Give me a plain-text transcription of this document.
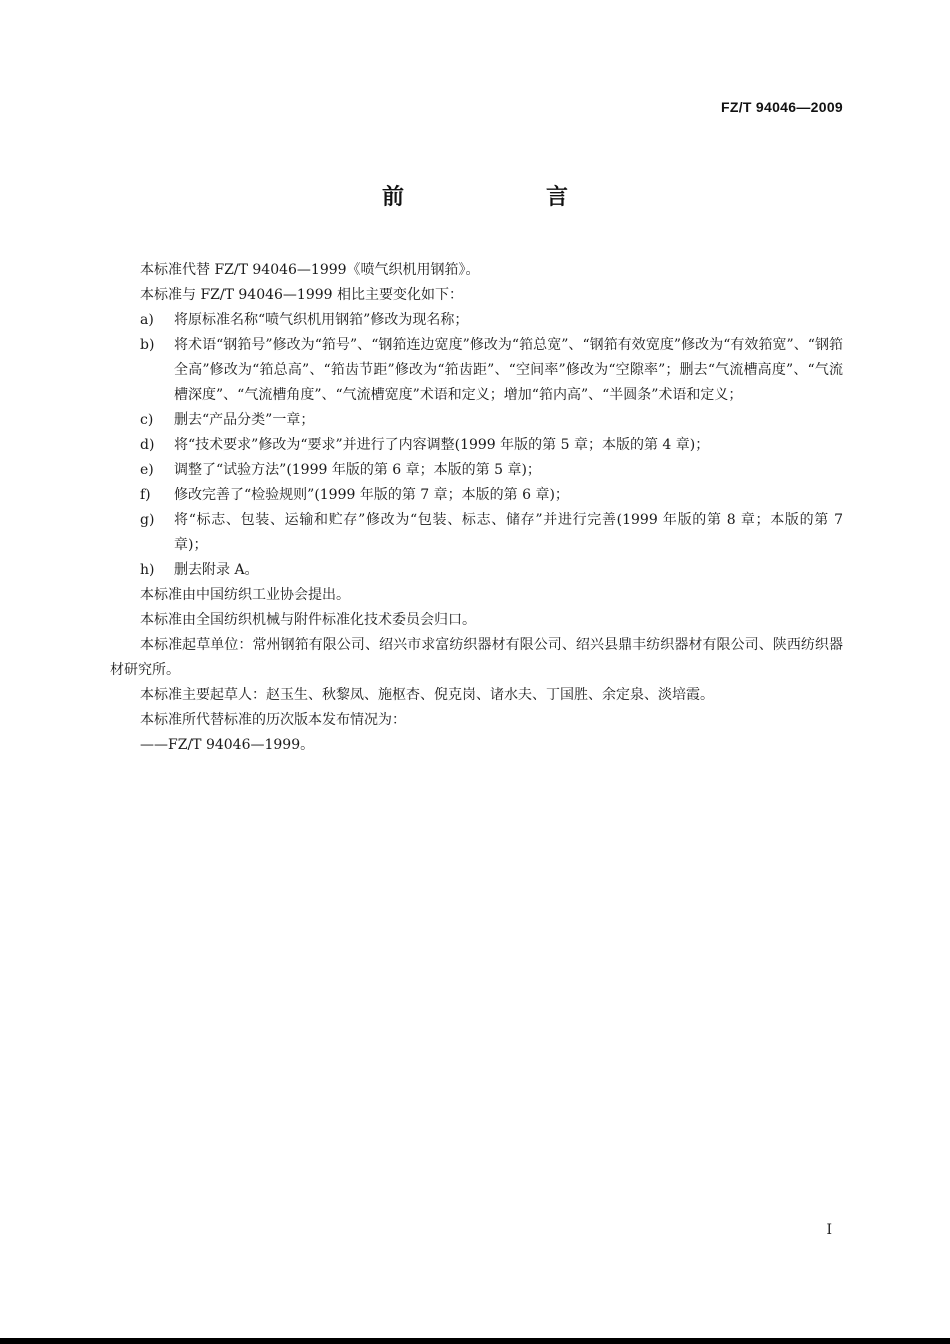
FZ/T 94046—2009
前　言

本标准代替 FZ/T 94046—1999《喷气织机用钢筘》。

本标准与 FZ/T 94046—1999 相比主要变化如下：

a)	将原标准名称“喷气织机用钢筘”修改为现名称；
b)	将术语“钢筘号”修改为“筘号”、“钢筘连边宽度”修改为“筘总宽”、“钢筘有效宽度”修改为“有效筘宽”、“钢筘全高”修改为“筘总高”、“筘齿节距”修改为“筘齿距”、“空间率”修改为“空隙率”；删去“气流槽高度”、“气流槽深度”、“气流槽角度”、“气流槽宽度”术语和定义；增加“筘内高”、“半圆条”术语和定义；
c)	删去“产品分类”一章；
d)	将“技术要求”修改为“要求”并进行了内容调整(1999 年版的第 5 章；本版的第 4 章)；
e)	调整了“试验方法”(1999 年版的第 6 章；本版的第 5 章)；
f)	修改完善了“检验规则”(1999 年版的第 7 章；本版的第 6 章)；
g)	将“标志、包装、运输和贮存”修改为“包装、标志、储存”并进行完善(1999 年版的第 8 章；本版的第 7 章)；
h)	删去附录 A。

本标准由中国纺织工业协会提出。

本标准由全国纺织机械与附件标准化技术委员会归口。

本标准起草单位：常州钢筘有限公司、绍兴市求富纺织器材有限公司、绍兴县鼎丰纺织器材有限公司、陕西纺织器材研究所。

本标准主要起草人：赵玉生、秋黎凤、施枢杏、倪克岗、诸水夫、丁国胜、余定泉、淡培霞。

本标准所代替标准的历次版本发布情况为：

——FZ/T 94046—1999。

I
